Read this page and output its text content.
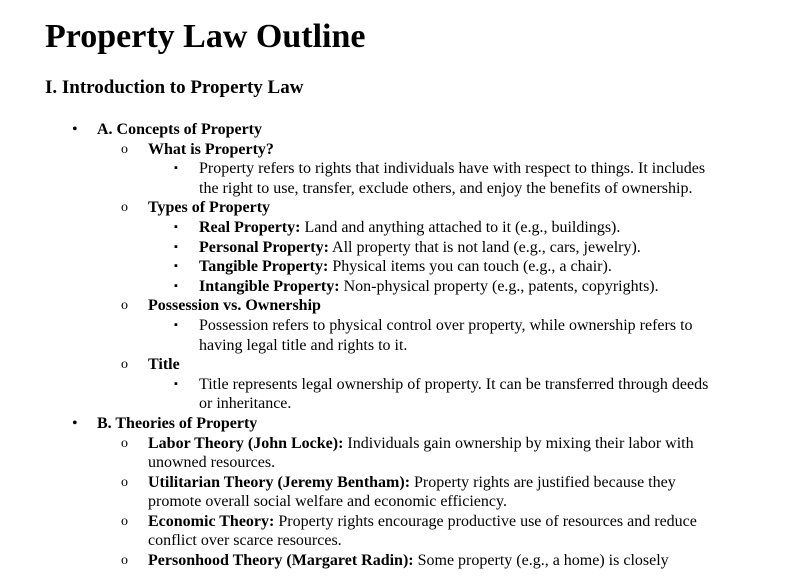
Property Law Outline
I. Introduction to Property Law
• A. Concepts of Property
o What is Property?
▪ Property refers to rights that individuals have with respect to things. It includes the right to use, transfer, exclude others, and enjoy the benefits of ownership.
o Types of Property
▪ Real Property: Land and anything attached to it (e.g., buildings).
▪ Personal Property: All property that is not land (e.g., cars, jewelry).
▪ Tangible Property: Physical items you can touch (e.g., a chair).
▪ Intangible Property: Non-physical property (e.g., patents, copyrights).
o Possession vs. Ownership
▪ Possession refers to physical control over property, while ownership refers to having legal title and rights to it.
o Title
▪ Title represents legal ownership of property. It can be transferred through deeds or inheritance.
• B. Theories of Property
o Labor Theory (John Locke): Individuals gain ownership by mixing their labor with unowned resources.
o Utilitarian Theory (Jeremy Bentham): Property rights are justified because they promote overall social welfare and economic efficiency.
o Economic Theory: Property rights encourage productive use of resources and reduce conflict over scarce resources.
o Personhood Theory (Margaret Radin): Some property (e.g., a home) is closely
